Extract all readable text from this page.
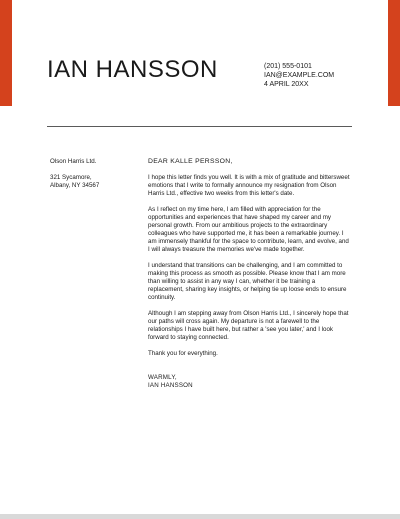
IAN HANSSON	(201) 555-0101
IAN@EXAMPLE.COM
4 APRIL 20XX
Olson Harris Ltd.
321 Sycamore,
Albany, NY 34567

DEAR KALLE PERSSON,

I hope this letter finds you well. It is with a mix of gratitude and bittersweet emotions that I write to formally announce my resignation from Olson Harris Ltd., effective two weeks from this letter's date.

As I reflect on my time here, I am filled with appreciation for the opportunities and experiences that have shaped my career and my personal growth. From our ambitious projects to the extraordinary colleagues who have supported me, it has been a remarkable journey. I am immensely thankful for the space to contribute, learn, and evolve, and I will always treasure the memories we've made together.

I understand that transitions can be challenging, and I am committed to making this process as smooth as possible. Please know that I am more than willing to assist in any way I can, whether it be training a replacement, sharing key insights, or helping tie up loose ends to ensure continuity.

Although I am stepping away from Olson Harris Ltd., I sincerely hope that our paths will cross again. My departure is not a farewell to the relationships I have built here, but rather a 'see you later,' and I look forward to staying connected.

Thank you for everything.

WARMLY,
IAN HANSSON
